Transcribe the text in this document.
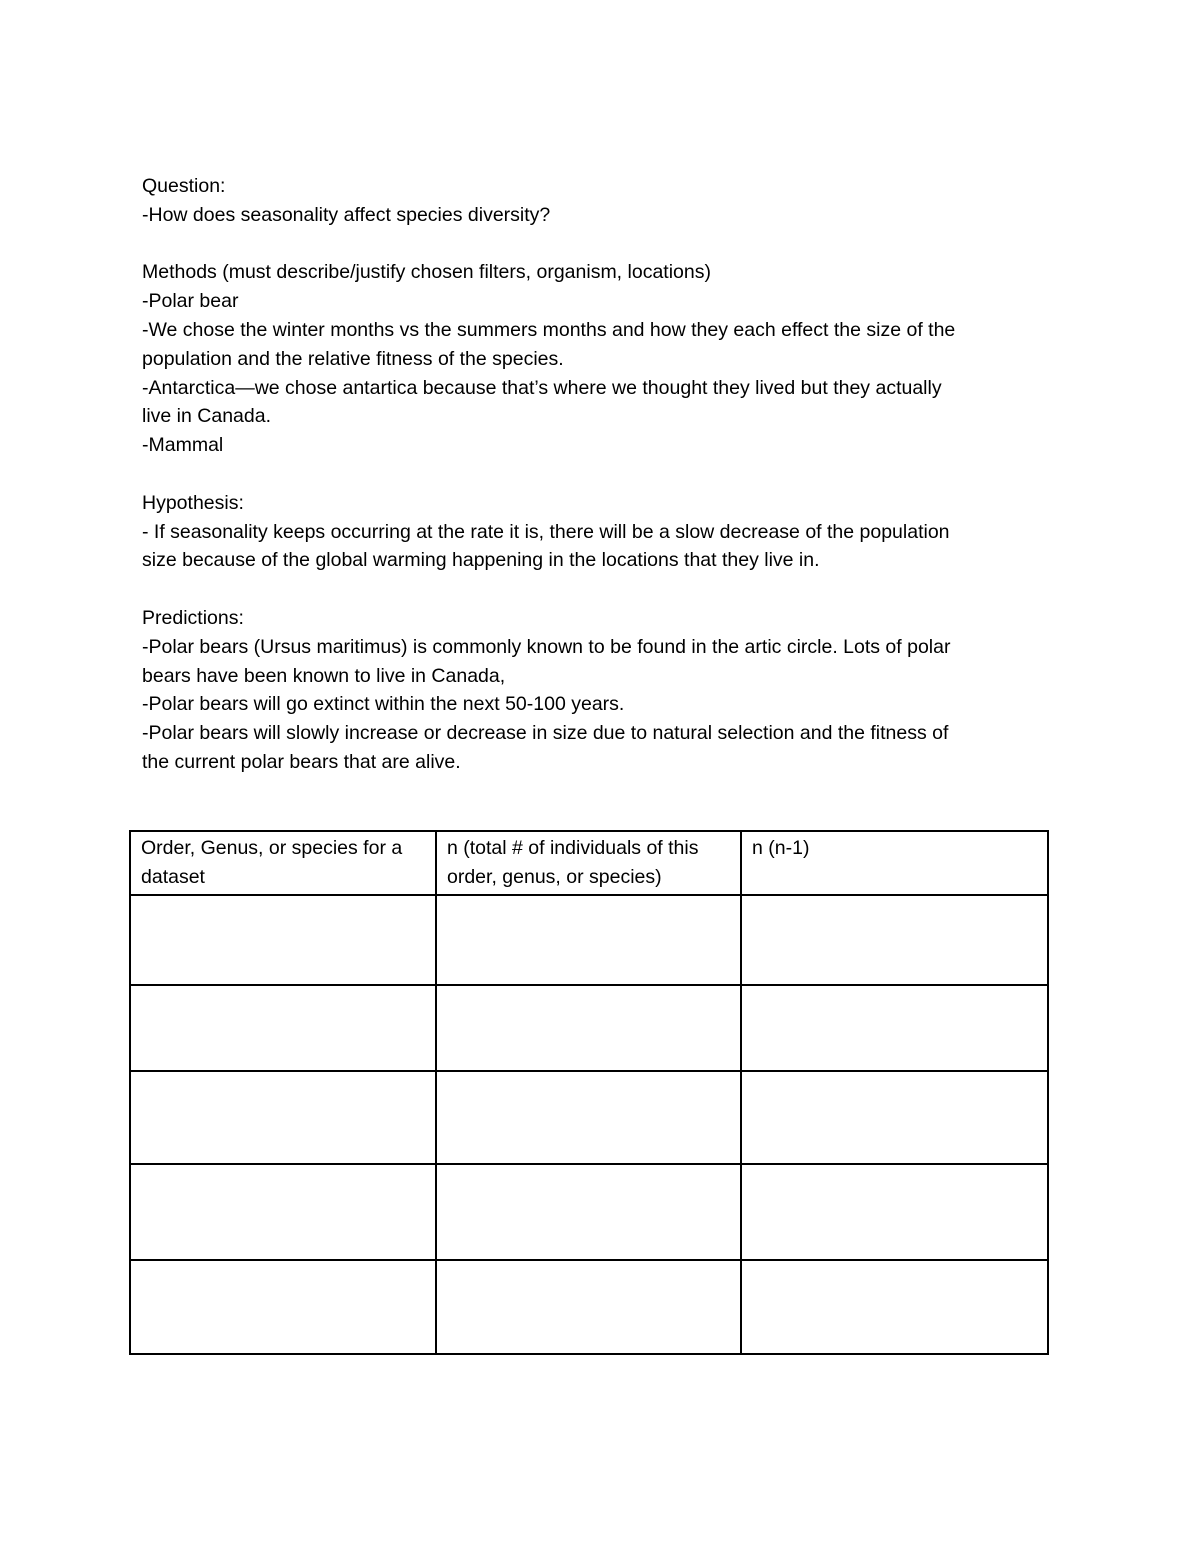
Question:
-How does seasonality affect species diversity?
Methods (must describe/justify chosen filters, organism, locations)
-Polar bear
-We chose the winter months vs the summers months and how they each effect the size of the
population and the relative fitness of the species.
-Antarctica—we chose antartica because that’s where we thought they lived but they actually
live in Canada.
-Mammal
Hypothesis:
- If seasonality keeps occurring at the rate it is, there will be a slow decrease of the population
size because of the global warming happening in the locations that they live in.
Predictions:
-Polar bears (Ursus maritimus) is commonly known to be found in the artic circle. Lots of polar
bears have been known to live in Canada,
-Polar bears will go extinct within the next 50-100 years.
-Polar bears will slowly increase or decrease in size due to natural selection and the fitness of
the current polar bears that are alive.
Order, Genus, or species for a dataset	n (total # of individuals of this order, genus, or species)	n (n-1)
